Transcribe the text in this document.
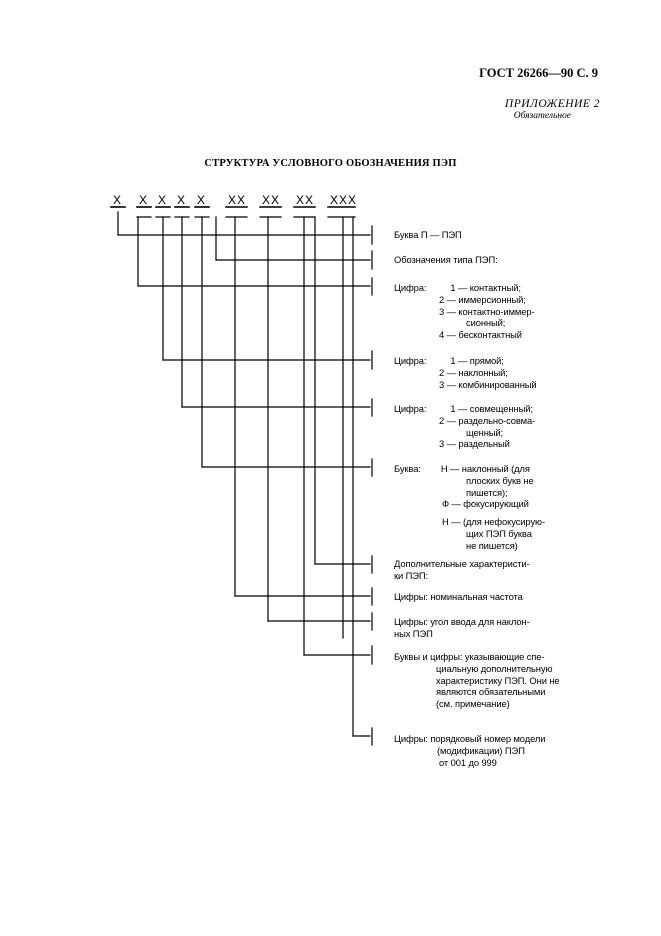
ГОСТ 26266—90 С. 9
ПРИЛОЖЕНИЕ 2
Обязательное
СТРУКТУРА УСЛОВНОГО ОБОЗНАЧЕНИЯ ПЭП
Х Х Х Х Х ХХ ХХ ХХ ХХХ
Буква П — ПЭП
Обозначения типа ПЭП:
Цифра:	1 — контактный;
2 — иммерсионный;
3 — контактно-иммер-
сионный;
4 — бесконтактный
Цифра:	1 — прямой;
2 — наклонный;
3 — комбинированный
Цифра:	1 — совмещенный;
2 — раздельно-совма-
щенный;
3 — раздельный
Буква: Н — наклонный (для
плоских букв не
пишется);
Ф — фокусирующий
Н — (для нефокусирую-
щих ПЭП буква
не пишется)
Дополнительные характеристи-
ки ПЭП:
Цифры: номинальная частота
Цифры: угол ввода для наклон-
ных ПЭП
Буквы и цифры: указывающие спе-
циальную дополнительную
характеристику ПЭП. Они не
являются обязательными
(см. примечание)
Цифры: порядковый номер модели
(модификации) ПЭП
от 001 до 999
